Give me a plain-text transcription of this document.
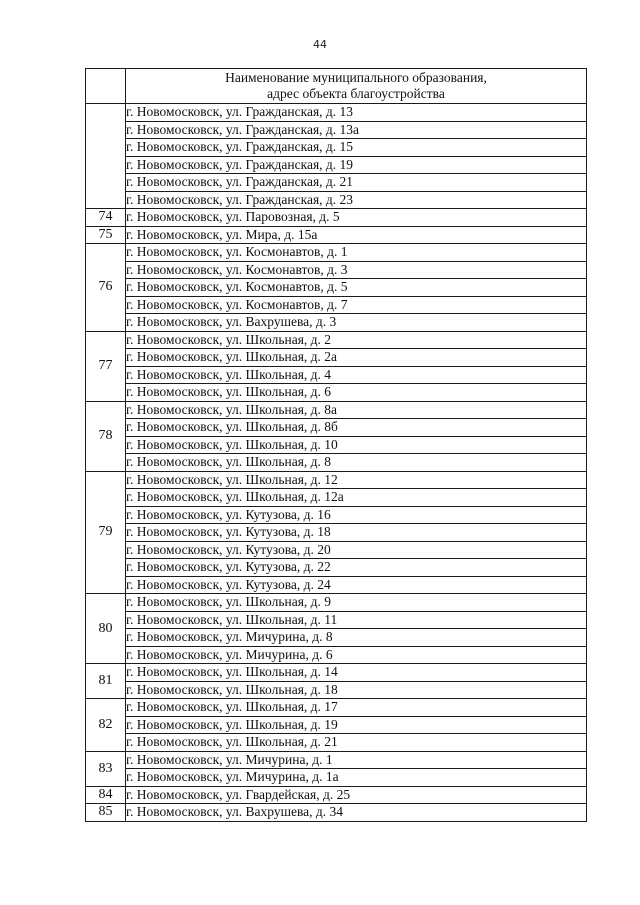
44
	Наименование муниципального образования,
адрес объекта благоустройства
	г. Новомосковск, ул. Гражданская, д. 13
	г. Новомосковск, ул. Гражданская, д. 13а
	г. Новомосковск, ул. Гражданская, д. 15
	г. Новомосковск, ул. Гражданская, д. 19
	г. Новомосковск, ул. Гражданская, д. 21
	г. Новомосковск, ул. Гражданская, д. 23
74	г. Новомосковск, ул. Паровозная, д. 5
75	г. Новомосковск, ул. Мира, д. 15а
76	г. Новомосковск, ул. Космонавтов, д. 1
	г. Новомосковск, ул. Космонавтов, д. 3
	г. Новомосковск, ул. Космонавтов, д. 5
	г. Новомосковск, ул. Космонавтов, д. 7
	г. Новомосковск, ул. Вахрушева, д. 3
77	г. Новомосковск, ул. Школьная, д. 2
	г. Новомосковск, ул. Школьная, д. 2а
	г. Новомосковск, ул. Школьная, д. 4
	г. Новомосковск, ул. Школьная, д. 6
78	г. Новомосковск, ул. Школьная, д. 8а
	г. Новомосковск, ул. Школьная, д. 8б
	г. Новомосковск, ул. Школьная, д. 10
	г. Новомосковск, ул. Школьная, д. 8
79	г. Новомосковск, ул. Школьная, д. 12
	г. Новомосковск, ул. Школьная, д. 12а
	г. Новомосковск, ул. Кутузова, д. 16
	г. Новомосковск, ул. Кутузова, д. 18
	г. Новомосковск, ул. Кутузова, д. 20
	г. Новомосковск, ул. Кутузова, д. 22
	г. Новомосковск, ул. Кутузова, д. 24
80	г. Новомосковск, ул. Школьная, д. 9
	г. Новомосковск, ул. Школьная, д. 11
	г. Новомосковск, ул. Мичурина, д. 8
	г. Новомосковск, ул. Мичурина, д. 6
81	г. Новомосковск, ул. Школьная, д. 14
	г. Новомосковск, ул. Школьная, д. 18
82	г. Новомосковск, ул. Школьная, д. 17
	г. Новомосковск, ул. Школьная, д. 19
	г. Новомосковск, ул. Школьная, д. 21
83	г. Новомосковск, ул. Мичурина, д. 1
	г. Новомосковск, ул. Мичурина, д. 1а
84	г. Новомосковск, ул. Гвардейская, д. 25
85	г. Новомосковск, ул. Вахрушева, д. 34
